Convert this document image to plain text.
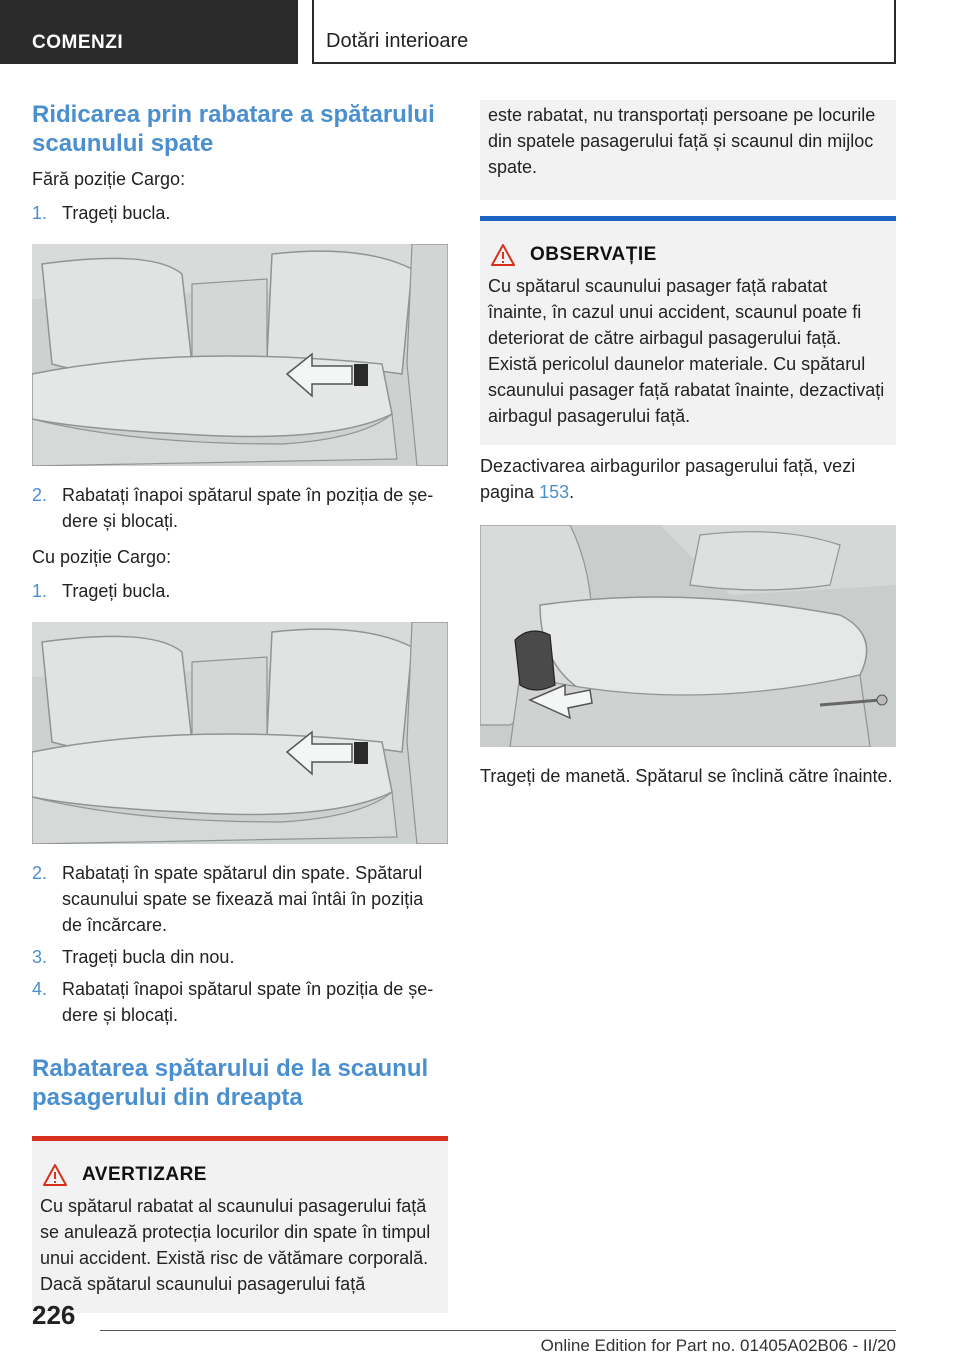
COMENZI	Dotări interioare
Ridicarea prin rabatare a spătarului scaunului spate

Fără poziție Cargo:

1. Trageți bucla.
2. Rabatați înapoi spătarul spate în poziția de ședere și blocați.

Cu poziție Cargo:

1. Trageți bucla.
2. Rabatați în spate spătarul din spate. Spătarul scaunului spate se fixează mai întâi în poziția de încărcare.
3. Trageți bucla din nou.
4. Rabatați înapoi spătarul spate în poziția de ședere și blocați.
Rabatarea spătarului de la scaunul pasagerului din dreapta
AVERTIZARE

Cu spătarul rabatat al scaunului pasagerului față se anulează protecția locurilor din spate în timpul unui accident. Există risc de vătămare corporală. Dacă spătarul scaunului pasagerului față

este rabatat, nu transportați persoane pe locurile din spatele pasagerului față și scaunul din mijloc spate.
OBSERVAȚIE

Cu spătarul scaunului pasager față rabatat înainte, în cazul unui accident, scaunul poate fi deteriorat de către airbagul pasagerului față. Există pericolul daunelor materiale. Cu spătarul scaunului pasager față rabatat înainte, dezactivați airbagul pasagerului față.

Dezactivarea airbagurilor pasagerului față, vezi pagina 153.

Trageți de manetă. Spătarul se înclină către înainte.

226
Online Edition for Part no. 01405A02B06 - II/20
